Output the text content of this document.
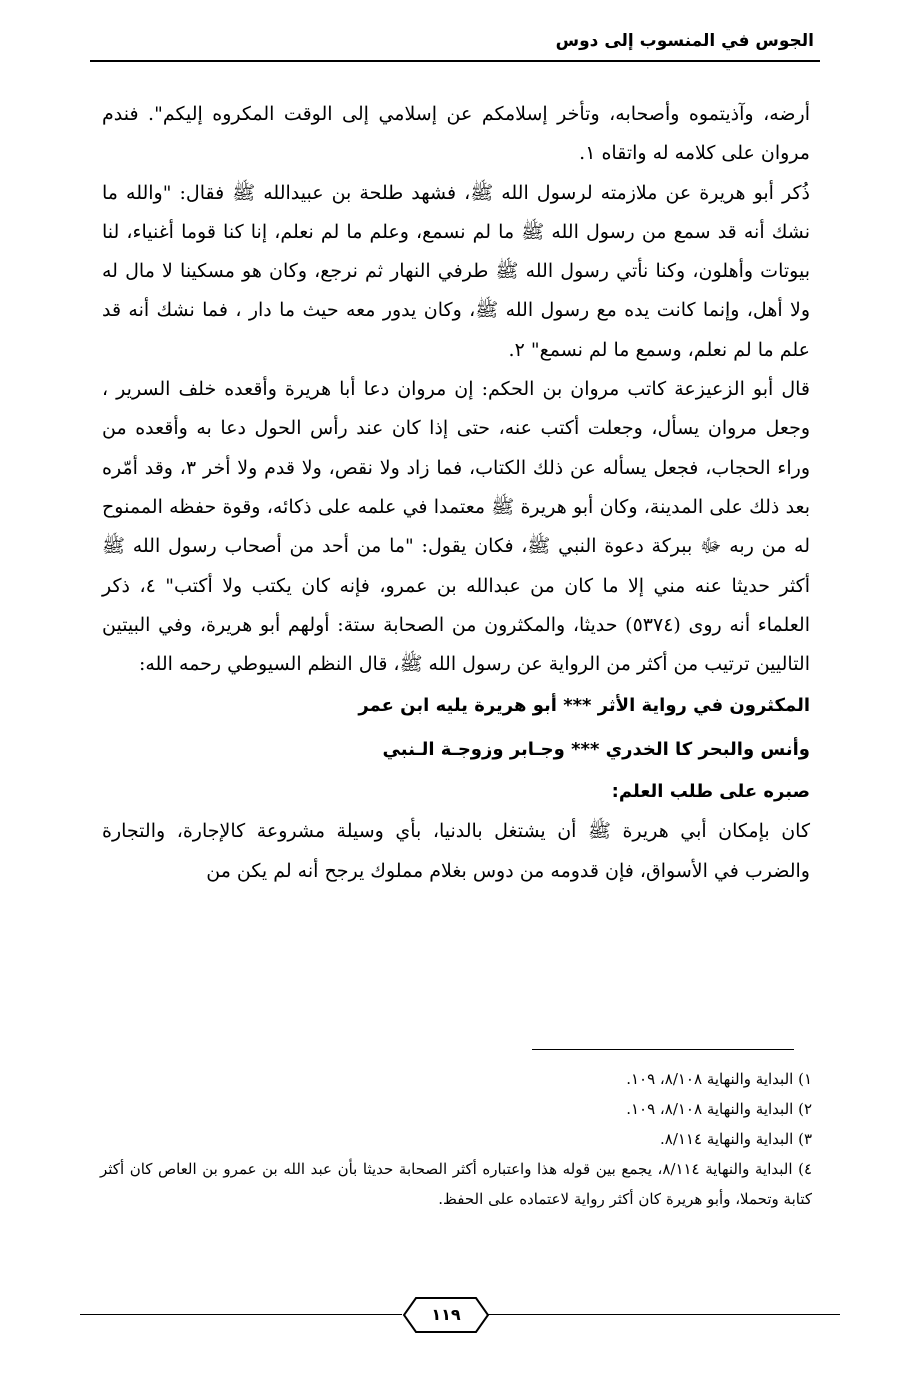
الجوس في المنسوب إلى دوس

أرضه، وآذيتموه وأصحابه، وتأخر إسلامكم عن إسلامي إلى الوقت المكروه إليكم". فندم مروان على كلامه له واتقاه ١.

ذُكر أبو هريرة عن ملازمته لرسول الله ﷺ، فشهد طلحة بن عبيدالله ﷺ فقال: "والله ما نشك أنه قد سمع من رسول الله ﷺ ما لم نسمع، وعلم ما لم نعلم، إنا كنا قوما أغنياء، لنا بيوتات وأهلون، وكنا نأتي رسول الله ﷺ طرفي النهار ثم نرجع، وكان هو مسكينا لا مال له ولا أهل، وإنما كانت يده مع رسول الله ﷺ، وكان يدور معه حيث ما دار ، فما نشك أنه قد علم ما لم نعلم، وسمع ما لم نسمع" ٢.

قال أبو الزعيزعة كاتب مروان بن الحكم: إن مروان دعا أبا هريرة وأقعده خلف السرير ، وجعل مروان يسأل، وجعلت أكتب عنه، حتى إذا كان عند رأس الحول دعا به وأقعده من وراء الحجاب، فجعل يسأله عن ذلك الكتاب، فما زاد ولا نقص، ولا قدم ولا أخر ٣، وقد أمّره بعد ذلك على المدينة، وكان أبو هريرة ﷺ معتمدا في علمه على ذكائه، وقوة حفظه الممنوح له من ربه ﷻ ببركة دعوة النبي ﷺ، فكان يقول: "ما من أحد من أصحاب رسول الله ﷺ أكثر حديثا عنه مني إلا ما كان من عبدالله بن عمرو، فإنه كان يكتب ولا أكتب" ٤، ذكر العلماء أنه روى (٥٣٧٤) حديثا، والمكثرون من الصحابة ستة: أولهم أبو هريرة، وفي البيتين التاليين ترتيب من أكثر من الرواية عن رسول الله ﷺ، قال النظم السيوطي رحمه الله:

المكثرون في رواية الأثر *** أبو هريرة يليه ابن عمر

وأنس والبحر كا الخدري *** وجـابر وزوجـة الـنبي

صبره على طلب العلم:

كان بإمكان أبي هريرة ﷺ أن يشتغل بالدنيا، بأي وسيلة مشروعة كالإجارة، والتجارة والضرب في الأسواق، فإن قدومه من دوس بغلام مملوك يرجح أنه لم يكن من

١) البداية والنهاية ٨/١٠٨، ١٠٩.
٢) البداية والنهاية ٨/١٠٨، ١٠٩.
٣) البداية والنهاية ٨/١١٤.
٤) البداية والنهاية ٨/١١٤، يجمع بين قوله هذا واعتباره أكثر الصحابة حديثا بأن عبد الله بن عمرو بن العاص كان أكثر كتابة وتحملا، وأبو هريرة كان أكثر رواية لاعتماده على الحفظ.
١١٩
